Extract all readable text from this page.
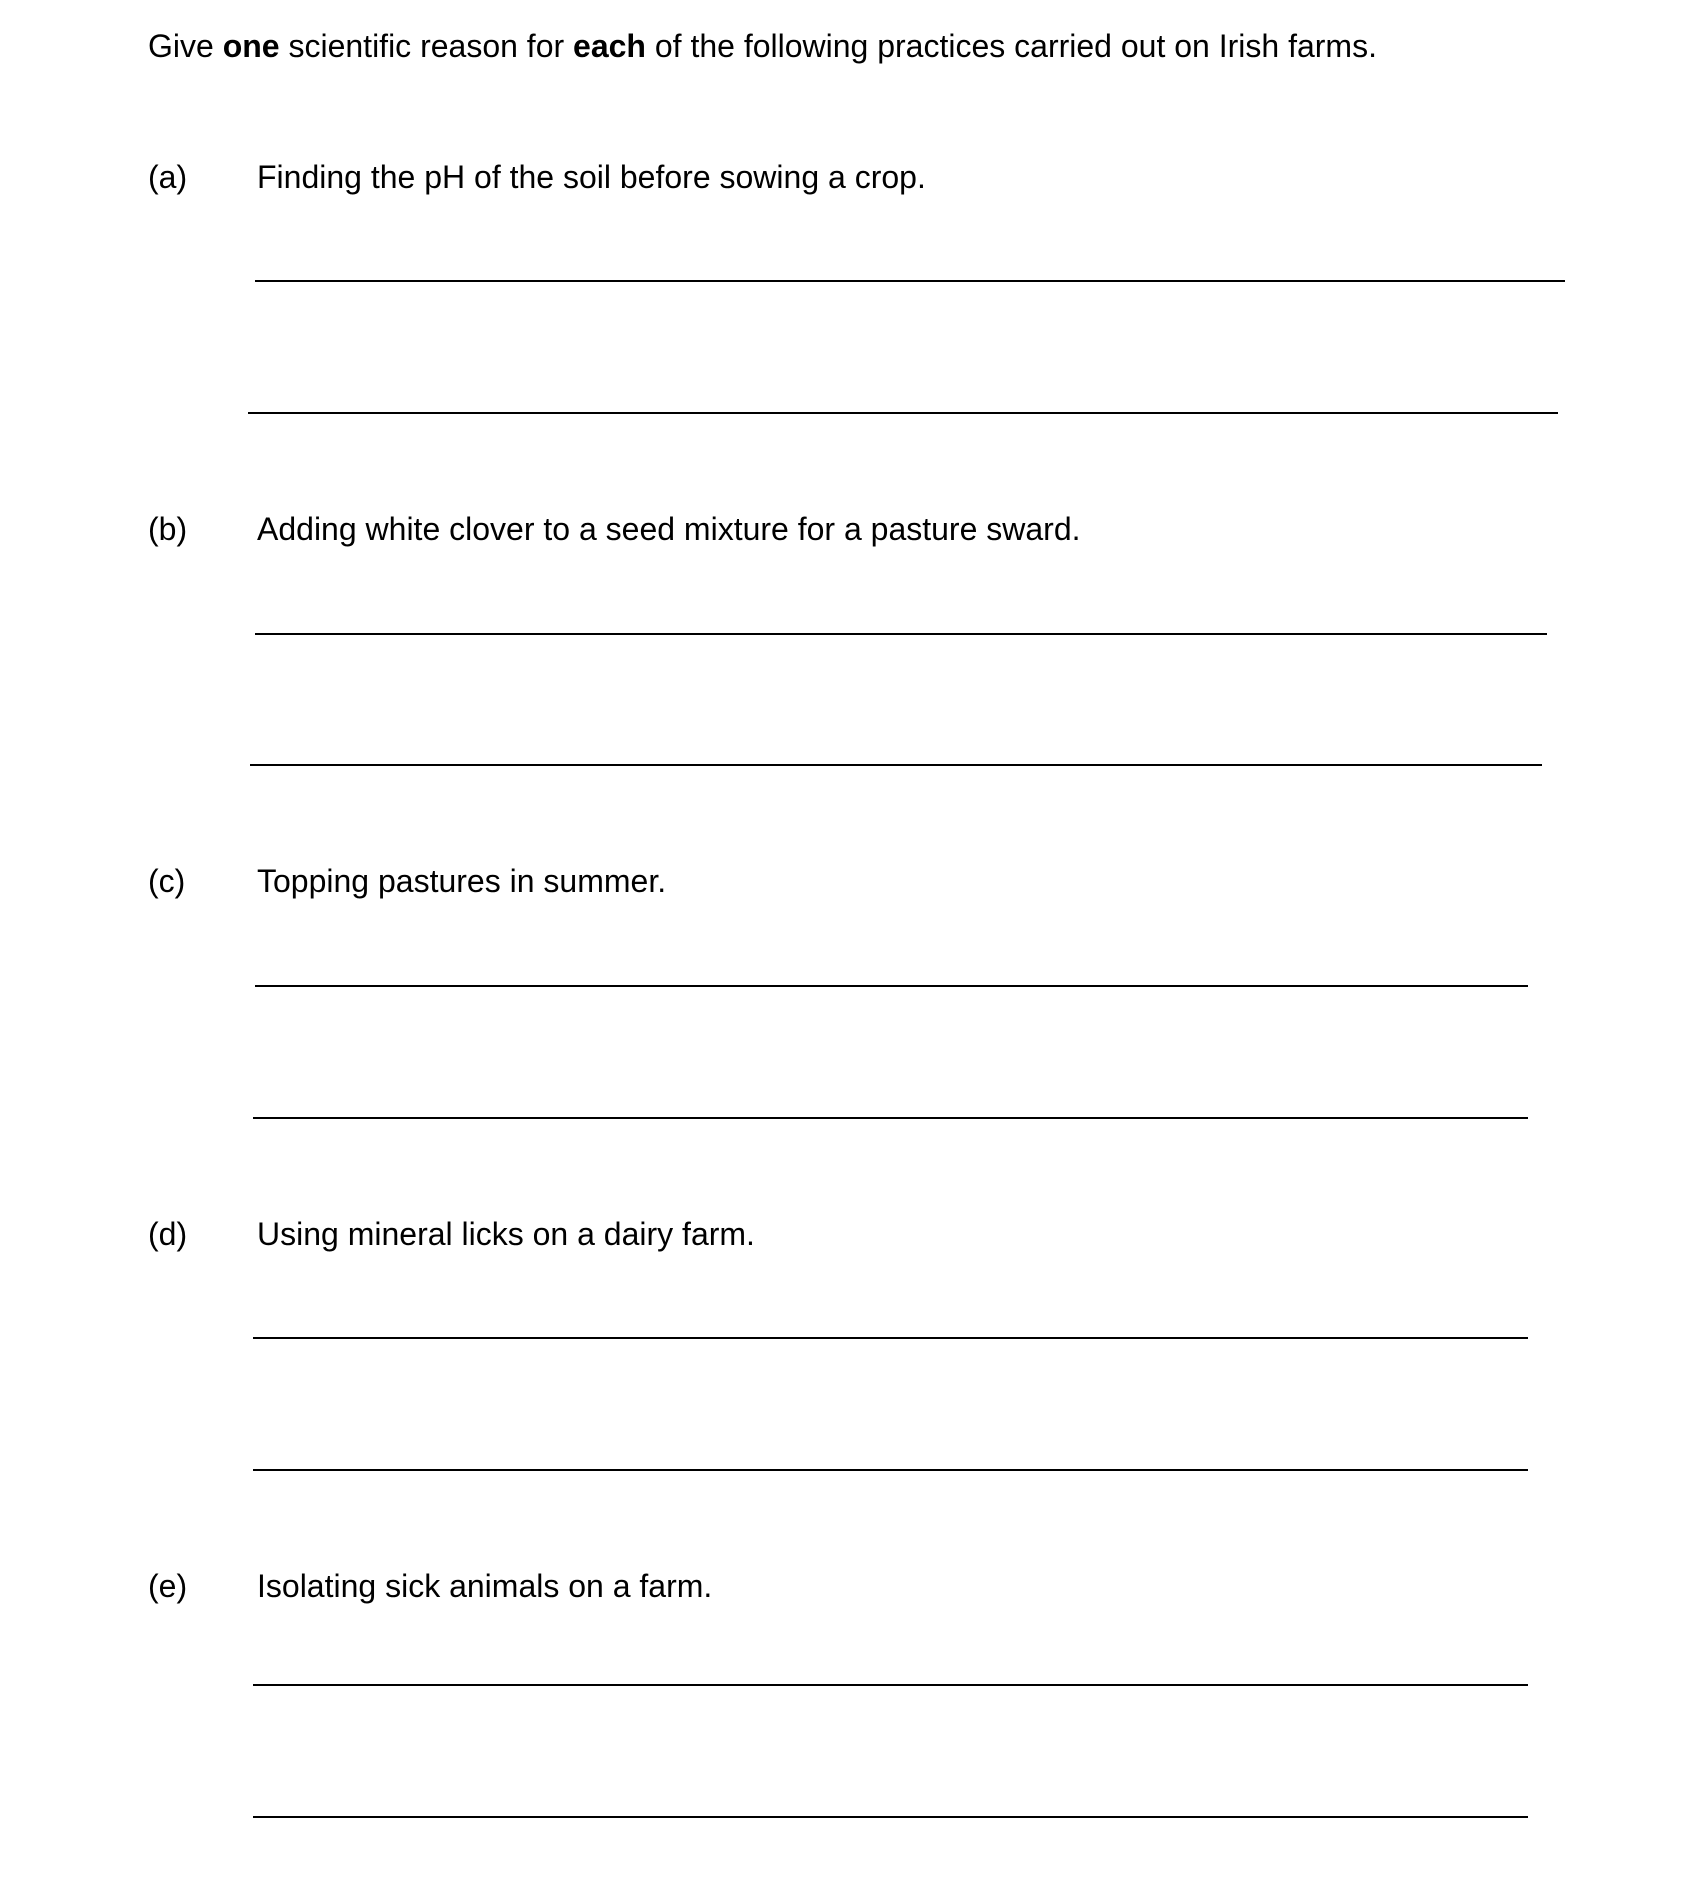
Give one scientific reason for each of the following practices carried out on Irish farms.
(a) Finding the pH of the soil before sowing a crop.
(b) Adding white clover to a seed mixture for a pasture sward.
(c) Topping pastures in summer.
(d) Using mineral licks on a dairy farm.
(e) Isolating sick animals on a farm.
